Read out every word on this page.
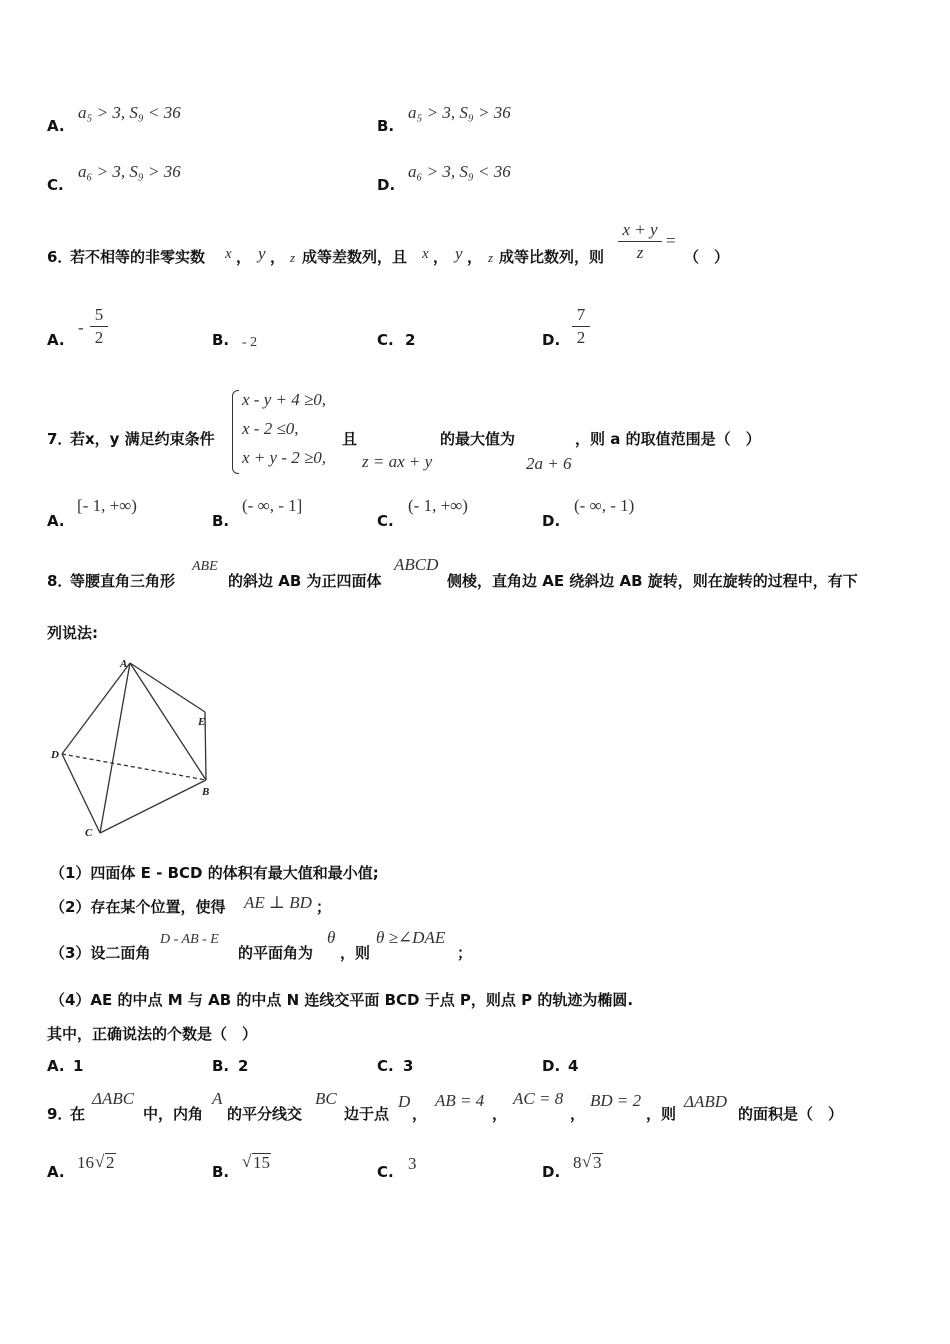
A.
a₅ > 3, S₉ < 36
B.
a₅ > 3, S₉ > 36
C.
a₆ > 3, S₉ > 36
D.
a₆ > 3, S₉ < 36
6．
若不相等的非零实数 x ， y ， z 成等差数列，且 x ， y ， z 成等比数列，则
x + y
z
=
（　）
A.
-
5
2	B. - 2	C. 2	D.
7
2
7．
若x，y 满足约束条件
x - y + 4 ≥0,
x - 2 ≤0,
x + y - 2 ≥0,
且
z = ax + y
的最大值为
2a + 6
，则 a 的取值范围是（　）
A.
[- 1, +∞)
B.
(- ∞, - 1]
C.
(- 1, +∞)
D.
(- ∞, - 1)
8．
等腰直角三角形
ABE
的斜边 AB 为正四面体
ABCD
侧棱，直角边 AE 绕斜边 AB 旋转，则在旋转的过程中，有下
列说法:
A
E
D
B
C
（1）四面体 E - BCD 的体积有最大值和最小值;
（2）存在某个位置，使得 AE ⊥ BD ；
（3）设二面角
D - AB - E
的平面角为
θ
，则
θ ≥∠DAE
；
（4）AE 的中点 M 与 AB 的中点 N 连线交平面 BCD 于点 P，则点 P 的轨迹为椭圆.
其中，正确说法的个数是（　）
A. 1	B. 2	C. 3	D. 4
9．
在
ΔABC
中，内角
A
的平分线交
BC
边于点
D
，
AB = 4
，
AC = 8
，
BD = 2
，则
ΔABD
的面积是（　）
A. 16 √ 2	B.
√ 15	C. 3	D. 8 √ 3
